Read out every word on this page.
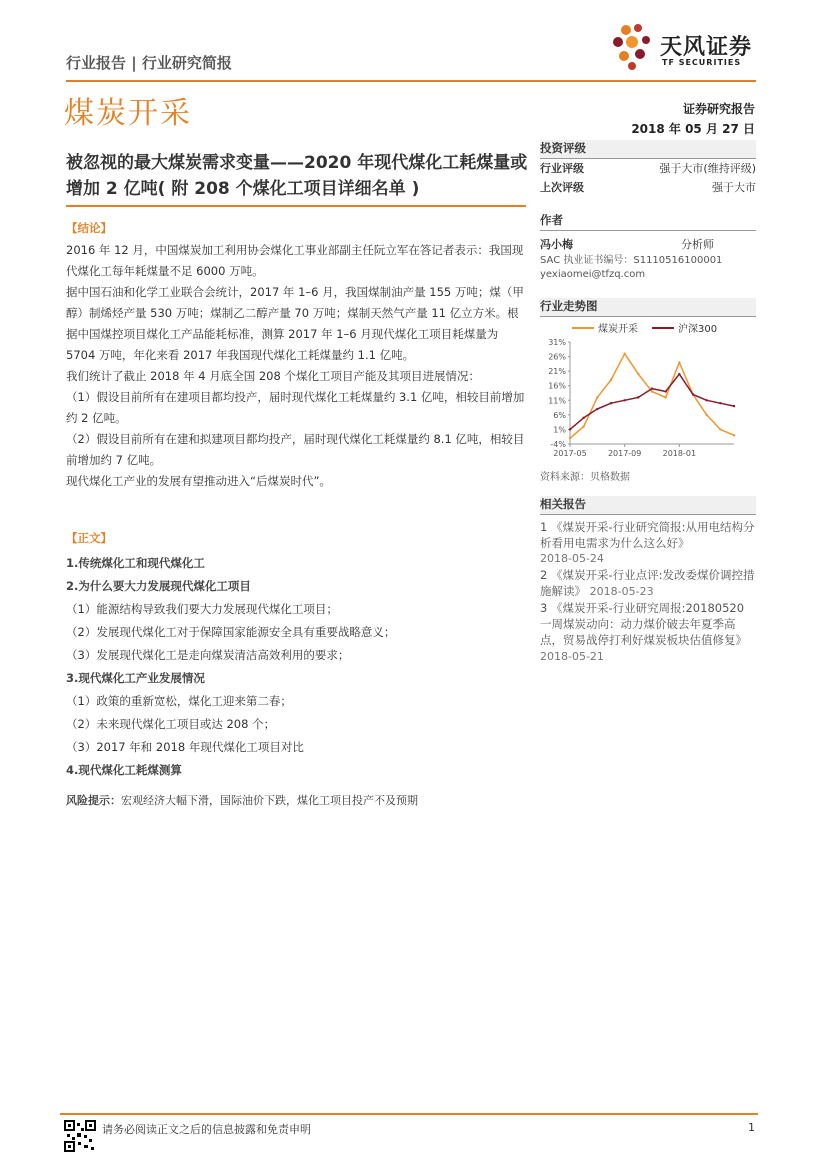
行业报告 | 行业研究简报
天风证券
TF SECURITIES
煤炭开采	证券研究报告
2018 年 05 月 27 日
被忽视的最大煤炭需求变量——2020 年现代煤化工耗煤量或增加 2 亿吨( 附 208 个煤化工项目详细名单 )
【结论】

2016 年 12 月，中国煤炭加工利用协会煤化工事业部副主任阮立军在答记者表示：我国现代煤化工每年耗煤量不足 6000 万吨。

据中国石油和化学工业联合会统计，2017 年 1–6 月，我国煤制油产量 155 万吨；煤（甲醇）制烯烃产量 530 万吨；煤制乙二醇产量 70 万吨；煤制天然气产量 11 亿立方米。根据中国煤控项目煤化工产品能耗标准，测算 2017 年 1–6 月现代煤化工项目耗煤量为 5704 万吨，年化来看 2017 年我国现代煤化工耗煤量约 1.1 亿吨。

我们统计了截止 2018 年 4 月底全国 208 个煤化工项目产能及其项目进展情况：

（1）假设目前所有在建项目都均投产，届时现代煤化工耗煤量约 3.1 亿吨，相较目前增加约 2 亿吨。

（2）假设目前所有在建和拟建项目都均投产，届时现代煤化工耗煤量约 8.1 亿吨，相较目前增加约 7 亿吨。

现代煤化工产业的发展有望推动进入“后煤炭时代”。

【正文】
1.传统煤化工和现代煤化工
2.为什么要大力发展现代煤化工项目
（1）能源结构导致我们要大力发展现代煤化工项目；
（2）发展现代煤化工对于保障国家能源安全具有重要战略意义；
（3）发展现代煤化工是走向煤炭清洁高效利用的要求；
3.现代煤化工产业发展情况
（1）政策的重新宽松，煤化工迎来第二春；
（2）未来现代煤化工项目或达 208 个；
（3）2017 年和 2018 年现代煤化工项目对比
4.现代煤化工耗煤测算
风险提示：宏观经济大幅下滑，国际油价下跌，煤化工项目投产不及预期
投资评级
行业评级	强于大市(维持评级)
上次评级	强于大市
作者
冯小梅	分析师
SAC 执业证书编号：S1110516100001
yexiaomei@tfzq.com
行业走势图
煤炭开采	沪深300
31%
26%
21%
16%
11%
6%
1%
-4%
2017-05	2017-09	2018-01
资料来源：贝格数据
相关报告
1 《煤炭开采-行业研究简报:从用电结构分析看用电需求为什么这么好》
2018-05-24
2 《煤炭开采-行业点评:发改委煤价调控措施解读》 2018-05-23
3 《煤炭开采-行业研究周报:20180520 一周煤炭动向：动力煤价破去年夏季高点，贸易战停打利好煤炭板块估值修复》 2018-05-21
请务必阅读正文之后的信息披露和免责申明	1
